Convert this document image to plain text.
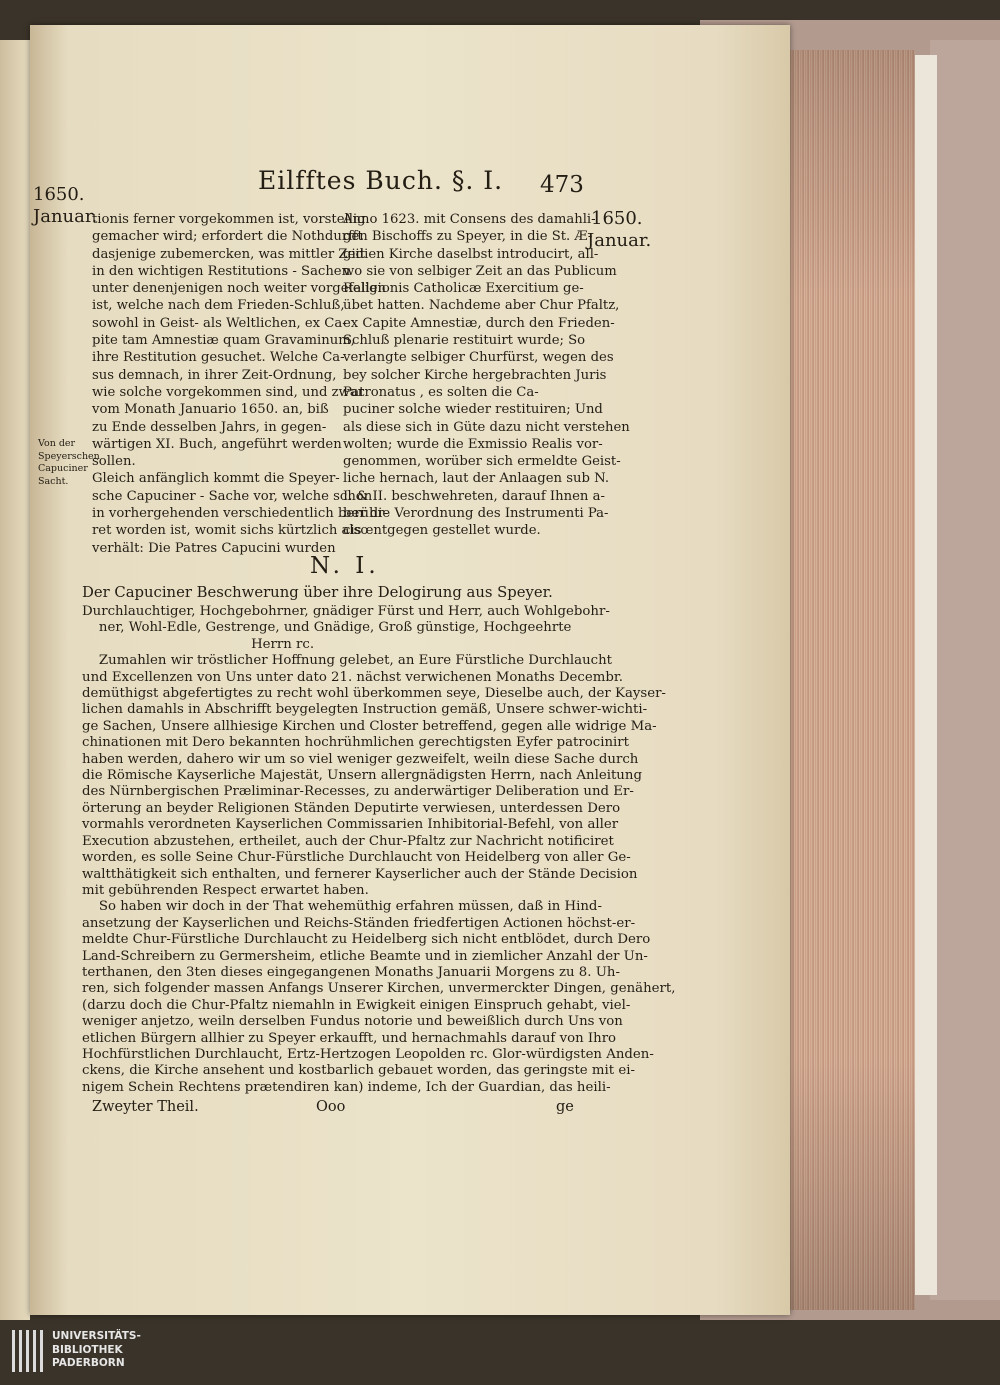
Eilfftes Buch. §. I. 473
1650.
Januar.	1650.
Januar.
tionis ferner vorgekommen ist, vorstellig
gemacher wird; erfordert die Nothdurfft
dasjenige zubemercken, was mittler Zeit
in den wichtigen Restitutions - Sachen
unter denenjenigen noch weiter vorgefallen
ist, welche nach dem Frieden-Schluß,
sowohl in Geist- als Weltlichen, ex Ca-
pite tam Amnestiæ quam Gravaminum,
ihre Restitution gesuchet. Welche Ca-
sus demnach, in ihrer Zeit-Ordnung,
wie solche vorgekommen sind, und zwar
vom Monath Januario 1650. an, biß
zu Ende desselben Jahrs, in gegen-
wärtigen XI. Buch, angeführt werden
sollen.
Gleich anfänglich kommt die Speyer-
sche Capuciner - Sache vor, welche schon
in vorhergehenden verschiedentlich berühr-
ret worden ist, womit sichs kürtzlich also
verhält: Die Patres Capucini wurden
Anno 1623. mit Consens des damahli-
gen Bischoffs zu Speyer, in die St. Æ-
gidien Kirche daselbst introducirt, all-
wo sie von selbiger Zeit an das Publicum
Religionis Catholicæ Exercitium ge-
übet hatten. Nachdeme aber Chur Pfaltz,
ex Capite Amnestiæ, durch den Frieden-
Schluß plenarie restituirt wurde; So
verlangte selbiger Churfürst, wegen des
bey solcher Kirche hergebrachten Juris
Patronatus , es solten die Ca-
puciner solche wieder restituiren; Und
als diese sich in Güte dazu nicht verstehen
wolten; wurde die Exmissio Realis vor-
genommen, worüber sich ermeldte Geist-
liche hernach, laut der Anlaagen sub N.
I. & II. beschwehreten, darauf Ihnen a-
ber die Verordnung des Instrumenti Pa-
cis entgegen gestellet wurde.
Von der
Speyerschen
Capuciner
Sacht.
N. I.
Der Capuciner Beschwerung über ihre Delogirung aus Speyer.
Durchlauchtiger, Hochgebohrner, gnädiger Fürst und Herr, auch Wohlgebohr-
ner, Wohl-Edle, Gestrenge, und Gnädige, Groß günstige, Hochgeehrte
Herrn rc.
Zumahlen wir tröstlicher Hoffnung gelebet, an Eure Fürstliche Durchlaucht
und Excellenzen von Uns unter dato 21. nächst verwichenen Monaths Decembr.
demüthigst abgefertigtes zu recht wohl überkommen seye, Dieselbe auch, der Kayser-
lichen damahls in Abschrifft beygelegten Instruction gemäß, Unsere schwer-wichti-
ge Sachen, Unsere allhiesige Kirchen und Closter betreffend, gegen alle widrige Ma-
chinationen mit Dero bekannten hochrühmlichen gerechtigsten Eyfer patrocinirt
haben werden, dahero wir um so viel weniger gezweifelt, weiln diese Sache durch
die Römische Kayserliche Majestät, Unsern allergnädigsten Herrn, nach Anleitung
des Nürnbergischen Præliminar-Recesses, zu anderwärtiger Deliberation und Er-
örterung an beyder Religionen Ständen Deputirte verwiesen, unterdessen Dero
vormahls verordneten Kayserlichen Commissarien Inhibitorial-Befehl, von aller
Execution abzustehen, ertheilet, auch der Chur-Pfaltz zur Nachricht notificiret
worden, es solle Seine Chur-Fürstliche Durchlaucht von Heidelberg von aller Ge-
waltthätigkeit sich enthalten, und fernerer Kayserlicher auch der Stände Decision
mit gebührenden Respect erwartet haben.
So haben wir doch in der That wehemüthig erfahren müssen, daß in Hind-
ansetzung der Kayserlichen und Reichs-Ständen friedfertigen Actionen höchst-er-
meldte Chur-Fürstliche Durchlaucht zu Heidelberg sich nicht entblödet, durch Dero
Land-Schreibern zu Germersheim, etliche Beamte und in ziemlicher Anzahl der Un-
terthanen, den 3ten dieses eingegangenen Monaths Januarii Morgens zu 8. Uh-
ren, sich folgender massen Anfangs Unserer Kirchen, unvermerckter Dingen, genähert,
(darzu doch die Chur-Pfaltz niemahln in Ewigkeit einigen Einspruch gehabt, viel-
weniger anjetzo, weiln derselben Fundus notorie und beweißlich durch Uns von
etlichen Bürgern allhier zu Speyer erkaufft, und hernachmahls darauf von Ihro
Hochfürstlichen Durchlaucht, Ertz-Hertzogen Leopolden rc. Glor-würdigsten Anden-
ckens, die Kirche ansehent und kostbarlich gebauet worden, das geringste mit ei-
nigem Schein Rechtens prætendiren kan) indeme, Ich der Guardian, das heili-
Zweyter Theil.	Ooo	ge
UNIVERSITÄTS-
BIBLIOTHEK
PADERBORN
